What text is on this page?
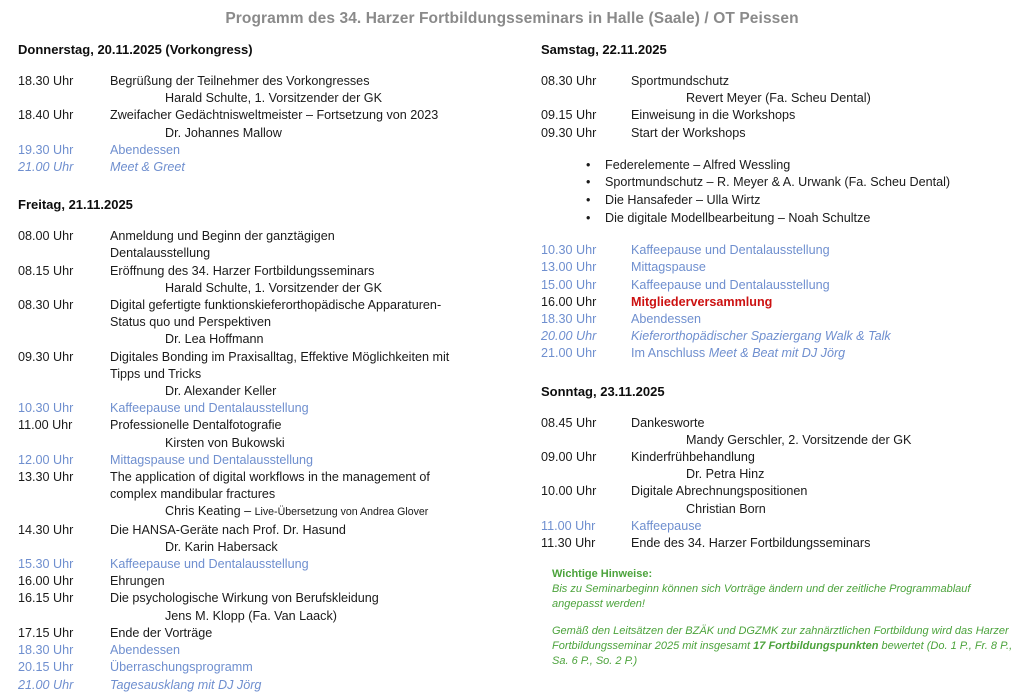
Programm des 34. Harzer Fortbildungsseminars in Halle (Saale) / OT Peissen
Donnerstag, 20.11.2025 (Vorkongress)
18.30 Uhr	Begrüßung der Teilnehmer des Vorkongresses
Harald Schulte, 1. Vorsitzender der GK
18.40 Uhr	Zweifacher Gedächtnisweltmeister – Fortsetzung von 2023
Dr. Johannes Mallow
19.30 Uhr	Abendessen
21.00 Uhr	Meet & Greet
Freitag, 21.11.2025
08.00 Uhr	Anmeldung und Beginn der ganztägigen
Dentalausstellung
08.15 Uhr	Eröffnung des 34. Harzer Fortbildungsseminars
Harald Schulte, 1. Vorsitzender der GK
08.30 Uhr	Digital gefertigte funktionskieferorthopädische Apparaturen-
Status quo und Perspektiven
Dr. Lea Hoffmann
09.30 Uhr	Digitales Bonding im Praxisalltag, Effektive Möglichkeiten mit
Tipps und Tricks
Dr. Alexander Keller
10.30 Uhr	Kaffeepause und Dentalausstellung
11.00 Uhr	Professionelle Dentalfotografie
Kirsten von Bukowski
12.00 Uhr	Mittagspause und Dentalausstellung
13.30 Uhr	The application of digital workflows in the management of
complex mandibular fractures
Chris Keating – Live-Übersetzung von Andrea Glover
14.30 Uhr	Die HANSA-Geräte nach Prof. Dr. Hasund
Dr. Karin Habersack
15.30 Uhr	Kaffeepause und Dentalausstellung
16.00 Uhr	Ehrungen
16.15 Uhr	Die psychologische Wirkung von Berufskleidung
Jens M. Klopp (Fa. Van Laack)
17.15 Uhr	Ende der Vorträge
18.30 Uhr	Abendessen
20.15 Uhr	Überraschungsprogramm
21.00 Uhr	Tagesausklang mit DJ Jörg
Samstag, 22.11.2025
08.30 Uhr	Sportmundschutz
Revert Meyer (Fa. Scheu Dental)
09.15 Uhr	Einweisung in die Workshops
09.30 Uhr	Start der Workshops
• Federelemente – Alfred Wessling
• Sportmundschutz – R. Meyer & A. Urwank (Fa. Scheu Dental)
• Die Hansafeder – Ulla Wirtz
• Die digitale Modellbearbeitung – Noah Schultze
10.30 Uhr	Kaffeepause und Dentalausstellung
13.00 Uhr	Mittagspause
15.00 Uhr	Kaffeepause und Dentalausstellung
16.00 Uhr	Mitgliederversammlung
18.30 Uhr	Abendessen
20.00 Uhr	Kieferorthopädischer Spaziergang Walk & Talk
21.00 Uhr	Im Anschluss Meet & Beat mit DJ Jörg
Sonntag, 23.11.2025
08.45 Uhr	Dankesworte
Mandy Gerschler, 2. Vorsitzende der GK
09.00 Uhr	Kinderfrühbehandlung
Dr. Petra Hinz
10.00 Uhr	Digitale Abrechnungspositionen
Christian Born
11.00 Uhr	Kaffeepause
11.30 Uhr	Ende des 34. Harzer Fortbildungsseminars
Wichtige Hinweise:

Bis zu Seminarbeginn können sich Vorträge ändern und der zeitliche Programmablauf angepasst werden!

Gemäß den Leitsätzen der BZÄK und DGZMK zur zahnärztlichen Fortbildung wird das Harzer Fortbildungsseminar 2025 mit insgesamt 17 Fortbildungspunkten bewertet (Do. 1 P., Fr. 8 P., Sa. 6 P., So. 2 P.)
